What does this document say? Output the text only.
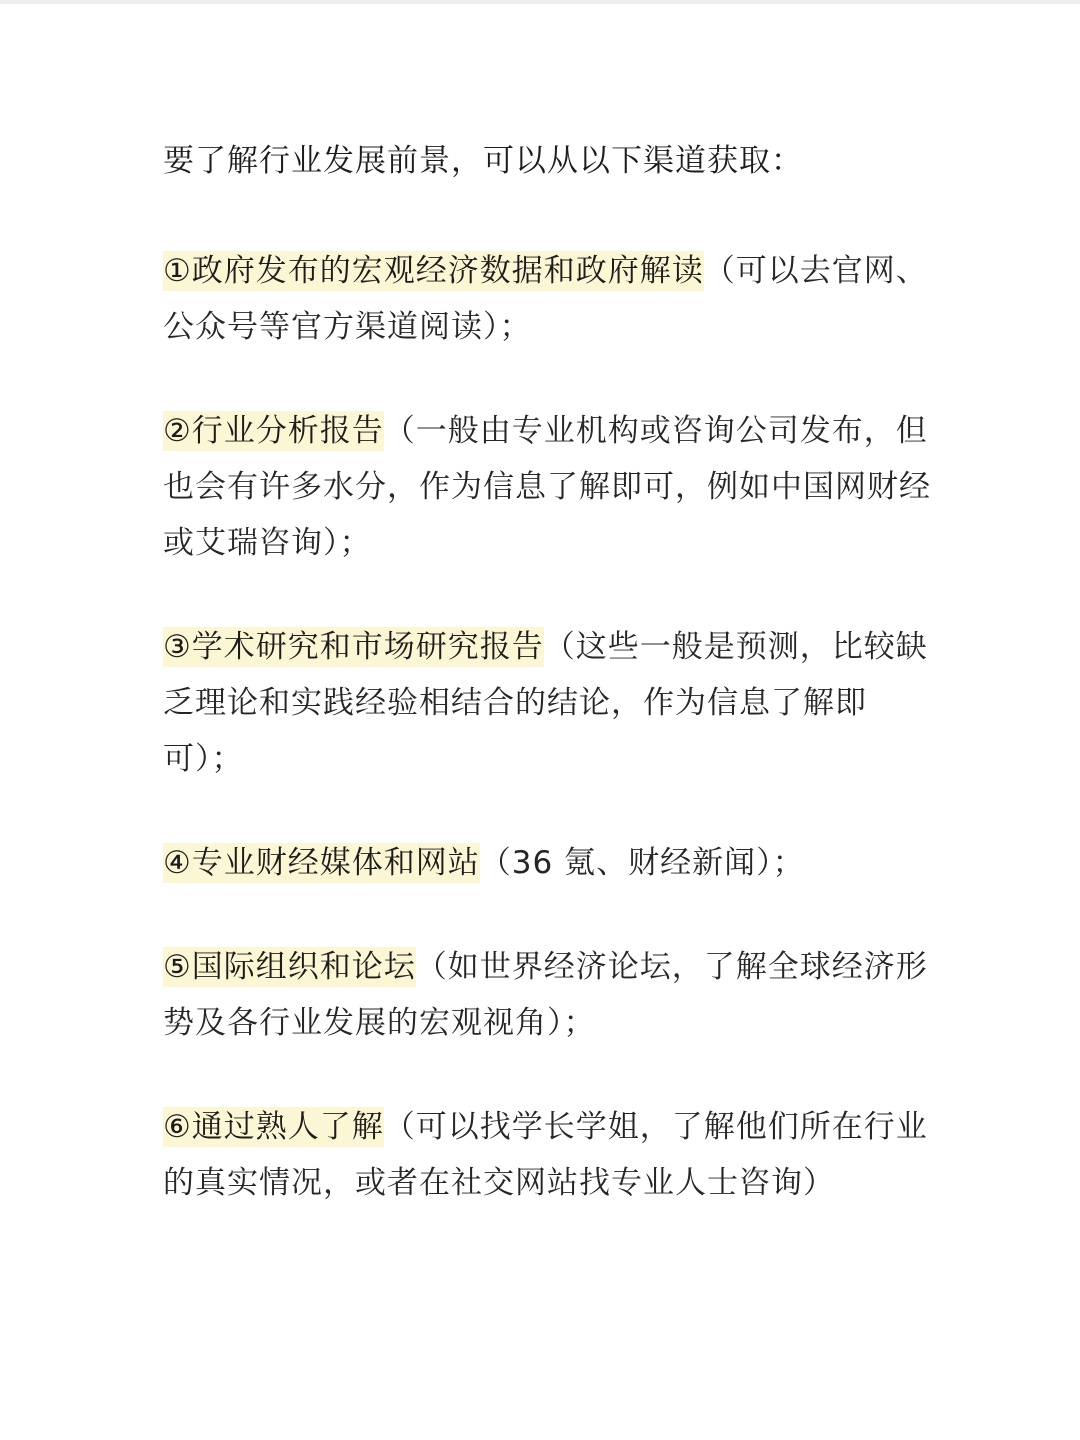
要了解行业发展前景，可以从以下渠道获取：

①政府发布的宏观经济数据和政府解读（可以去官网、公众号等官方渠道阅读）；

②行业分析报告（一般由专业机构或咨询公司发布，但也会有许多水分，作为信息了解即可，例如中国网财经或艾瑞咨询）；

③学术研究和市场研究报告（这些一般是预测，比较缺乏理论和实践经验相结合的结论，作为信息了解即可）；

④专业财经媒体和网站（36 氪、财经新闻）；

⑤国际组织和论坛（如世界经济论坛，了解全球经济形势及各行业发展的宏观视角）；

⑥通过熟人了解（可以找学长学姐，了解他们所在行业的真实情况，或者在社交网站找专业人士咨询）
